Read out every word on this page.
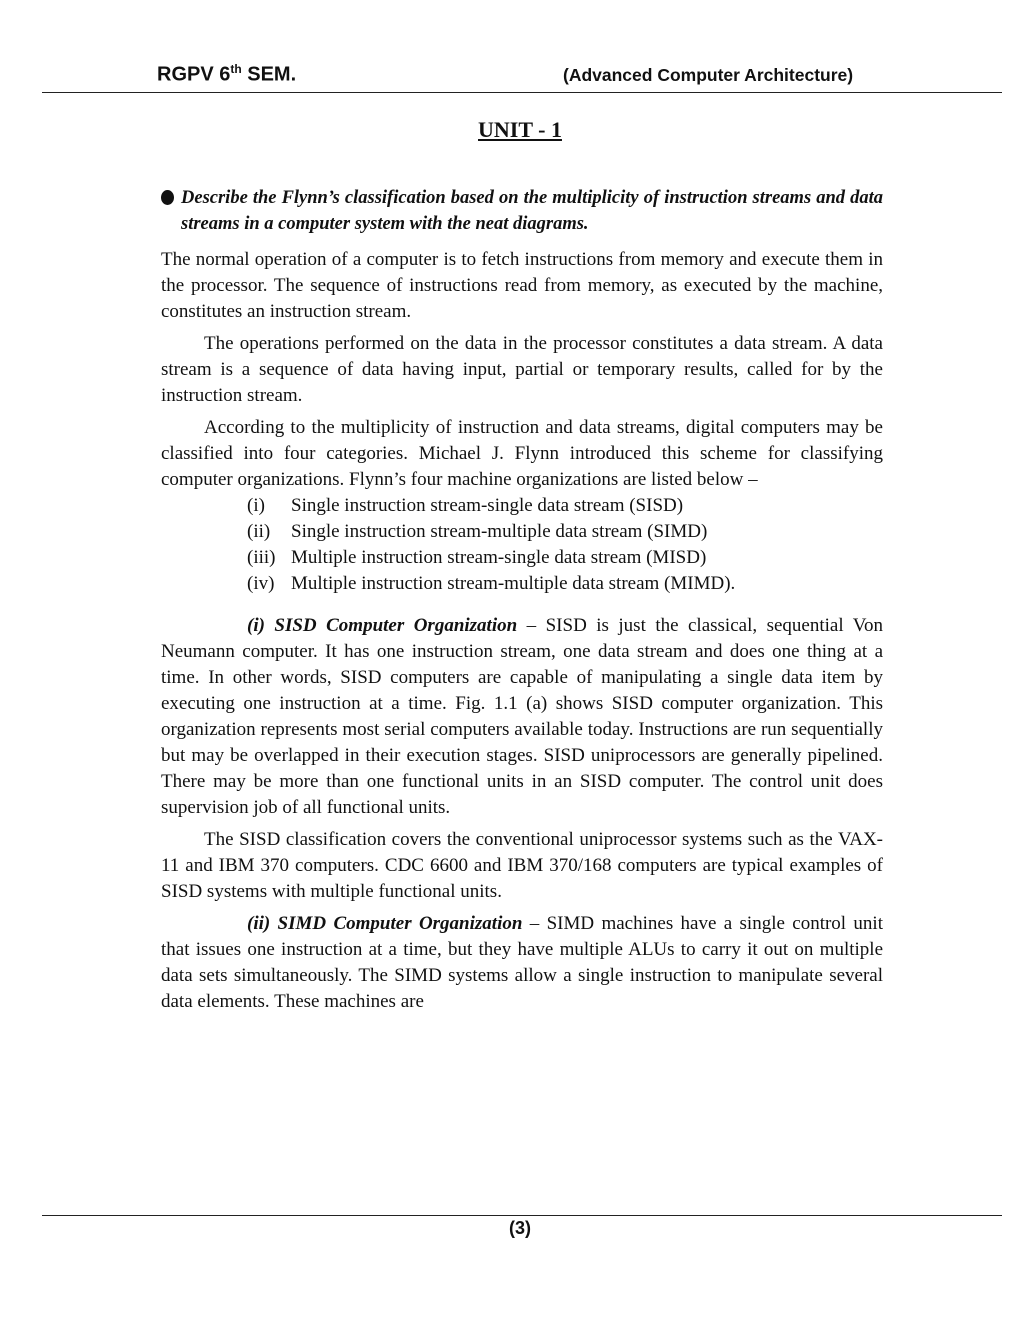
RGPV 6th SEM.	(Advanced Computer Architecture)
UNIT - 1
Describe the Flynn’s classification based on the multiplicity of instruction streams and data streams in a computer system with the neat diagrams.

The normal operation of a computer is to fetch instructions from memory and execute them in the processor. The sequence of instructions read from memory, as executed by the machine, constitutes an instruction stream.

The operations performed on the data in the processor constitutes a data stream. A data stream is a sequence of data having input, partial or temporary results, called for by the instruction stream.

According to the multiplicity of instruction and data streams, digital computers may be classified into four categories. Michael J. Flynn introduced this scheme for classifying computer organizations. Flynn’s four machine organizations are listed below –

(i)	Single instruction stream-single data stream (SISD)
(ii)	Single instruction stream-multiple data stream (SIMD)
(iii) Multiple instruction stream-single data stream (MISD)
(iv) Multiple instruction stream-multiple data stream (MIMD).

(i) SISD Computer Organization – SISD is just the classical, sequential Von Neumann computer. It has one instruction stream, one data stream and does one thing at a time. In other words, SISD computers are capable of manipulating a single data item by executing one instruction at a time. Fig. 1.1 (a) shows SISD computer organization. This organization represents most serial computers available today. Instructions are run sequentially but may be overlapped in their execution stages. SISD uniprocessors are generally pipelined. There may be more than one functional units in an SISD computer. The control unit does supervision job of all functional units.

The SISD classification covers the conventional uniprocessor systems such as the VAX-11 and IBM 370 computers. CDC 6600 and IBM 370/168 computers are typical examples of SISD systems with multiple functional units.

(ii) SIMD Computer Organization – SIMD machines have a single control unit that issues one instruction at a time, but they have multiple ALUs to carry it out on multiple data sets simultaneously. The SIMD systems allow a single instruction to manipulate several data elements. These machines are

(3)
